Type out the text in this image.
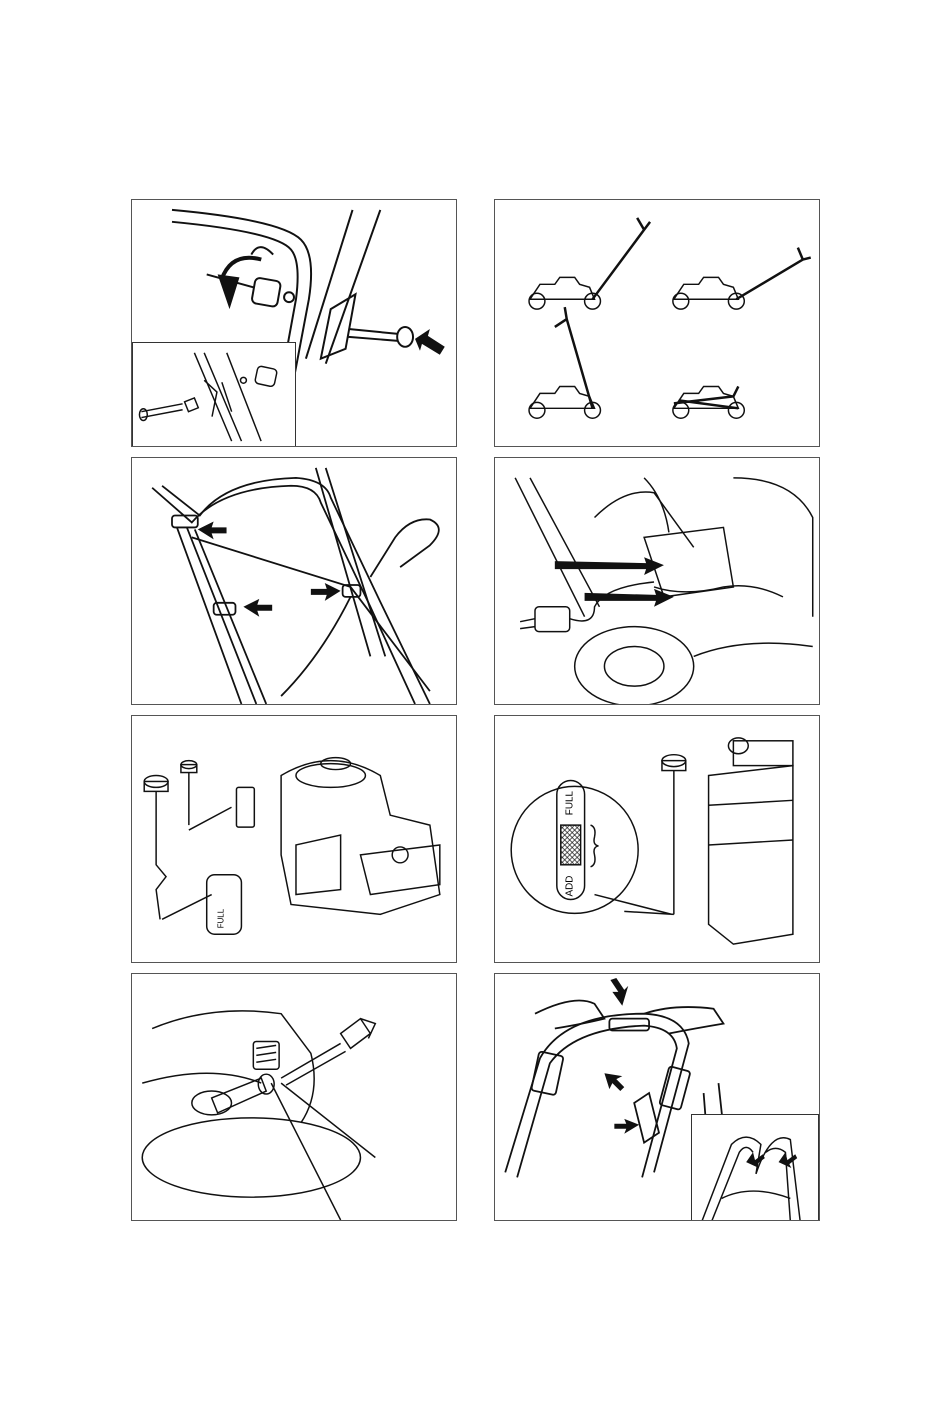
FULL
FULL
ADD
